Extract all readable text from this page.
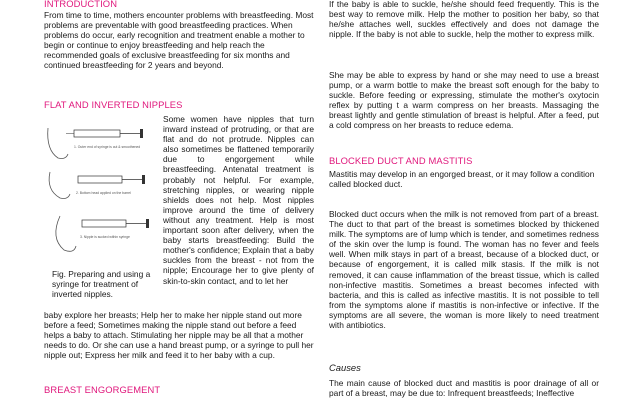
INTRODUCTION

From time to time, mothers encounter problems with breastfeeding. Most problems are preventable with good breastfeeding practices. When problems do occur, early recognition and treatment enable a mother to begin or continue to enjoy breastfeeding and help reach the recommended goals of exclusive breastfeeding for six months and continued breastfeeding for 2 years and beyond.

FLAT AND INVERTED NIPPLES
1. Outer end of syringe is cut & smoothened
2. Bottom head applied on the barrel
3. Nipple is sucked within syringe
Fig. Preparing and using a syringe for treatment of inverted nipples.

Some women have nipples that turn inward instead of protruding, or that are flat and do not protrude. Nipples can also sometimes be flattened temporarily due to engorgement while breastfeeding. Antenatal treatment is probably not helpful. For example, stretching nipples, or wearing nipple shields does not help. Most nipples improve around the time of delivery without any treatment. Help is most important soon after delivery, when the baby starts breastfeeding: Build the mother's confidence; Explain that a baby suckles from the breast - not from the nipple; Encourage her to give plenty of skin-to-skin contact, and to let her

baby explore her breasts; Help her to make her nipple stand out more before a feed; Sometimes making the nipple stand out before a feed helps a baby to attach. Stimulating her nipple may be all that a mother needs to do. Or she can use a hand breast pump, or a syringe to pull her nipple out; Express her milk and feed it to her baby with a cup.

BREAST ENGORGEMENT

If the baby is able to suckle, he/she should feed frequently. This is the best way to remove milk. Help the mother to position her baby, so that he/she attaches well, suckles effectively and does not damage the nipple. If the baby is not able to suckle, help the mother to express milk.

She may be able to express by hand or she may need to use a breast pump, or a warm bottle to make the breast soft enough for the baby to suckle. Before feeding or expressing, stimulate the mother's oxytocin reflex by putting t a warm compress on her breasts. Massaging the breast lightly and gentle stimulation of breast is helpful. After a feed, put a cold compress on her breasts to reduce edema.

BLOCKED DUCT AND MASTITIS

Mastitis may develop in an engorged breast, or it may follow a condition called blocked duct.

Blocked duct occurs when the milk is not removed from part of a breast. The duct to that part of the breast is sometimes blocked by thickened milk. The symptoms are of lump which is tender, and sometimes redness of the skin over the lump is found. The woman has no fever and feels well. When milk stays in part of a breast, because of a blocked duct, or because of engorgement, it is called milk stasis. If the milk is not removed, it can cause inflammation of the breast tissue, which is called non-infective mastitis. Sometimes a breast becomes infected with bacteria, and this is called as infective mastitis. It is not possible to tell from the symptoms alone if mastitis is non-infective or infective. If the symptoms are all severe, the woman is more likely to need treatment with antibiotics.

Causes

The main cause of blocked duct and mastitis is poor drainage of all or part of a breast, may be due to: Infrequent breastfeeds; Ineffective
